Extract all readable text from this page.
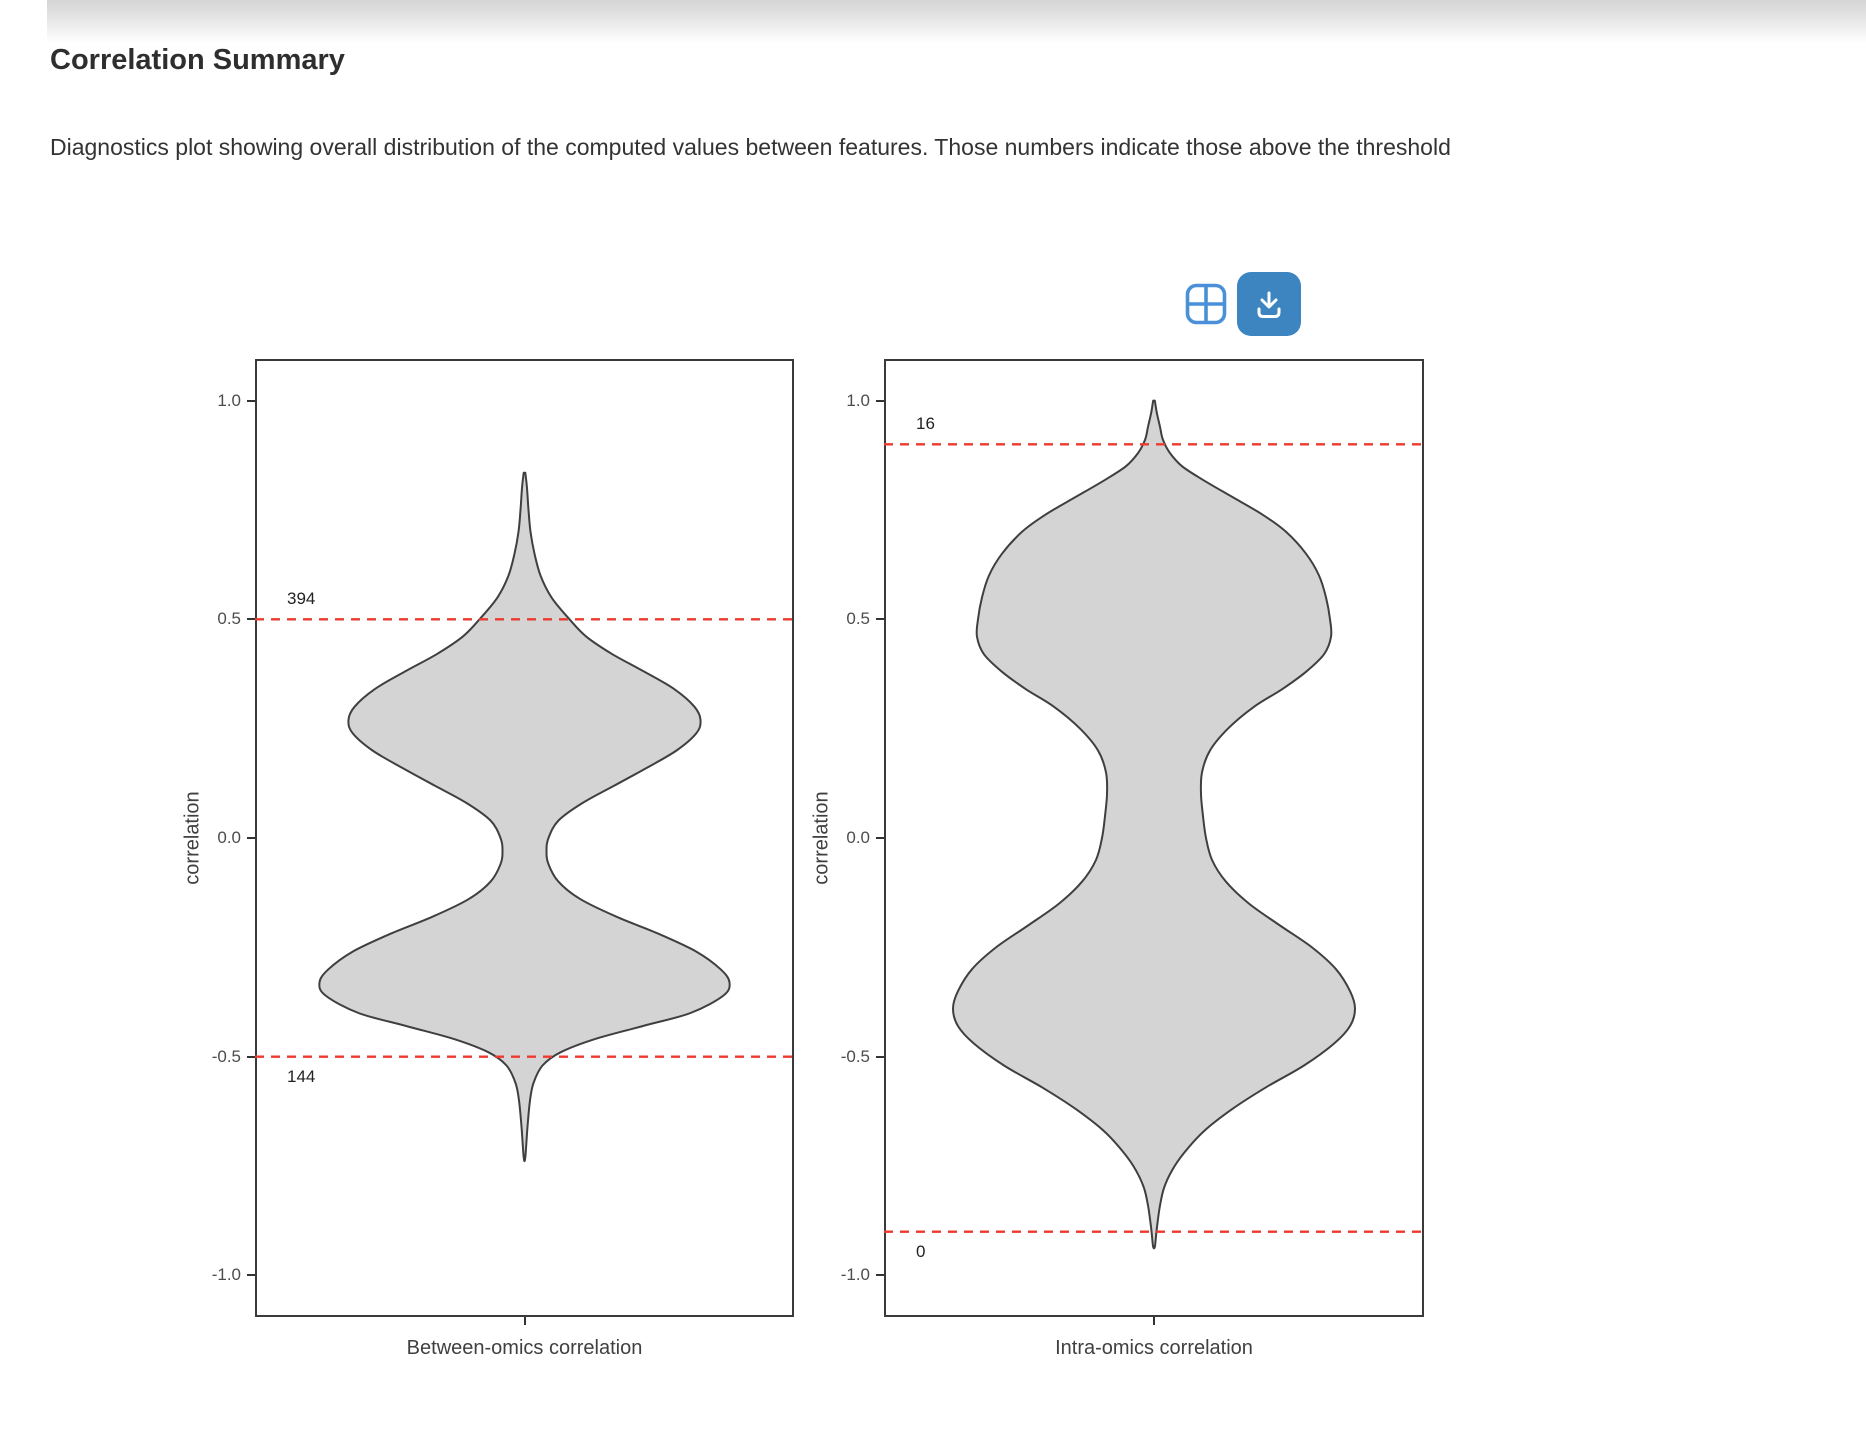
Correlation Summary
Diagnostics plot showing overall distribution of the computed values between features. Those numbers indicate those above the threshold
correlation
Between-omics correlation
correlation
Intra-omics correlation
394
144
1.0
0.5
0.0
-0.5
-1.0
16
0
1.0
0.5
0.0
-0.5
-1.0
